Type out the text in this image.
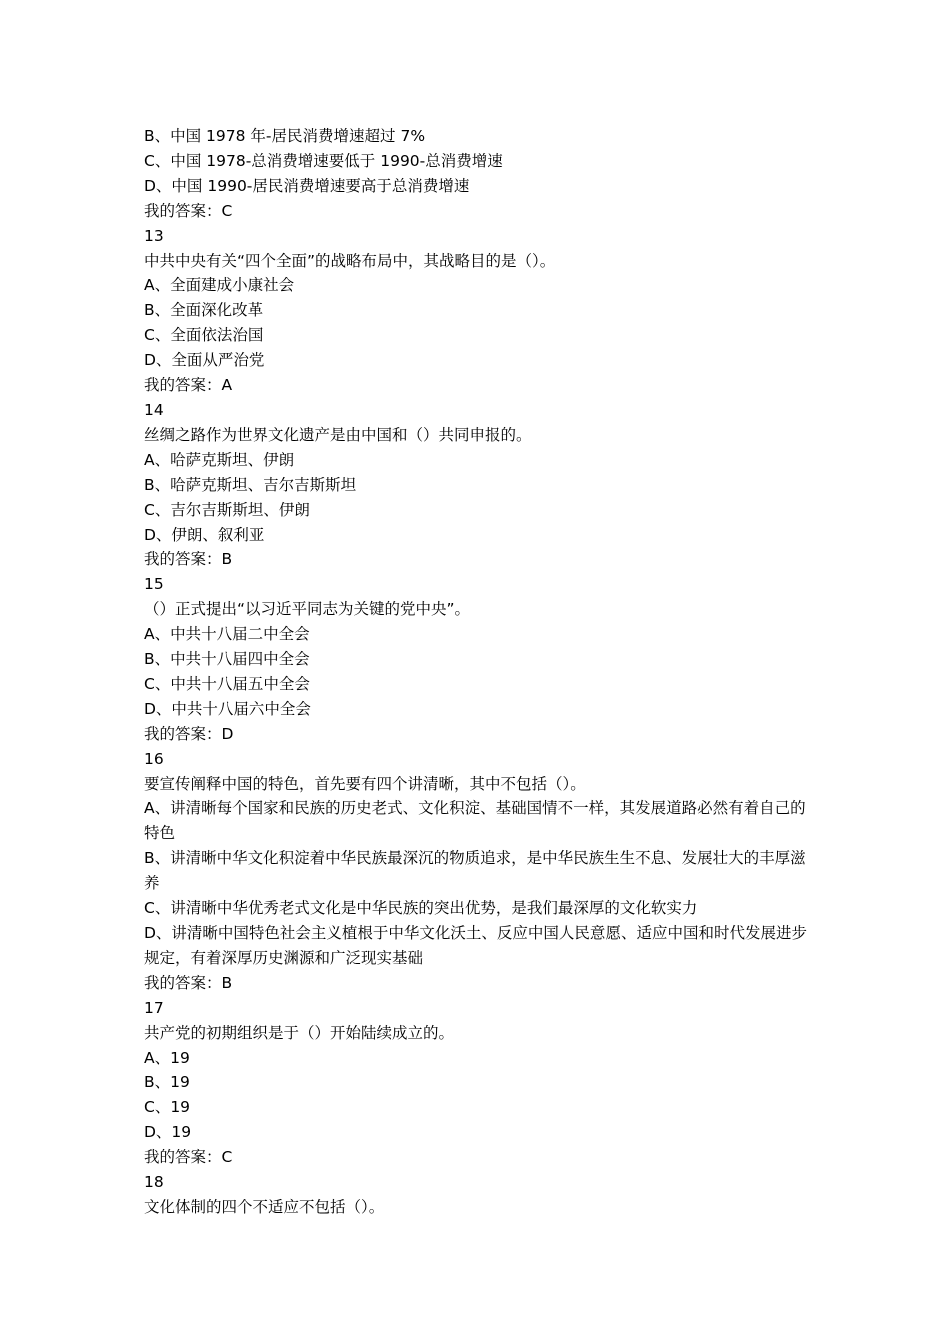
B、中国 1978 年-居民消费增速超过 7%

C、中国 1978-总消费增速要低于 1990-总消费增速

D、中国 1990-居民消费增速要高于总消费增速

我的答案：C

13

中共中央有关“四个全面”的战略布局中，其战略目的是（）。

A、全面建成小康社会

B、全面深化改革

C、全面依法治国

D、全面从严治党

我的答案：A

14

丝绸之路作为世界文化遗产是由中国和（）共同申报的。

A、哈萨克斯坦、伊朗

B、哈萨克斯坦、吉尔吉斯斯坦

C、吉尔吉斯斯坦、伊朗

D、伊朗、叙利亚

我的答案：B

15

（）正式提出“以习近平同志为关键的党中央”。

A、中共十八届二中全会

B、中共十八届四中全会

C、中共十八届五中全会

D、中共十八届六中全会

我的答案：D

16

要宣传阐释中国的特色，首先要有四个讲清晰，其中不包括（）。

A、讲清晰每个国家和民族的历史老式、文化积淀、基础国情不一样，其发展道路必然有着自己的特色

B、讲清晰中华文化积淀着中华民族最深沉的物质追求，是中华民族生生不息、发展壮大的丰厚滋养

C、讲清晰中华优秀老式文化是中华民族的突出优势，是我们最深厚的文化软实力

D、讲清晰中国特色社会主义植根于中华文化沃土、反应中国人民意愿、适应中国和时代发展进步规定，有着深厚历史渊源和广泛现实基础

我的答案：B

17

共产党的初期组织是于（）开始陆续成立的。

A、19

B、19

C、19

D、19

我的答案：C

18

文化体制的四个不适应不包括（）。
